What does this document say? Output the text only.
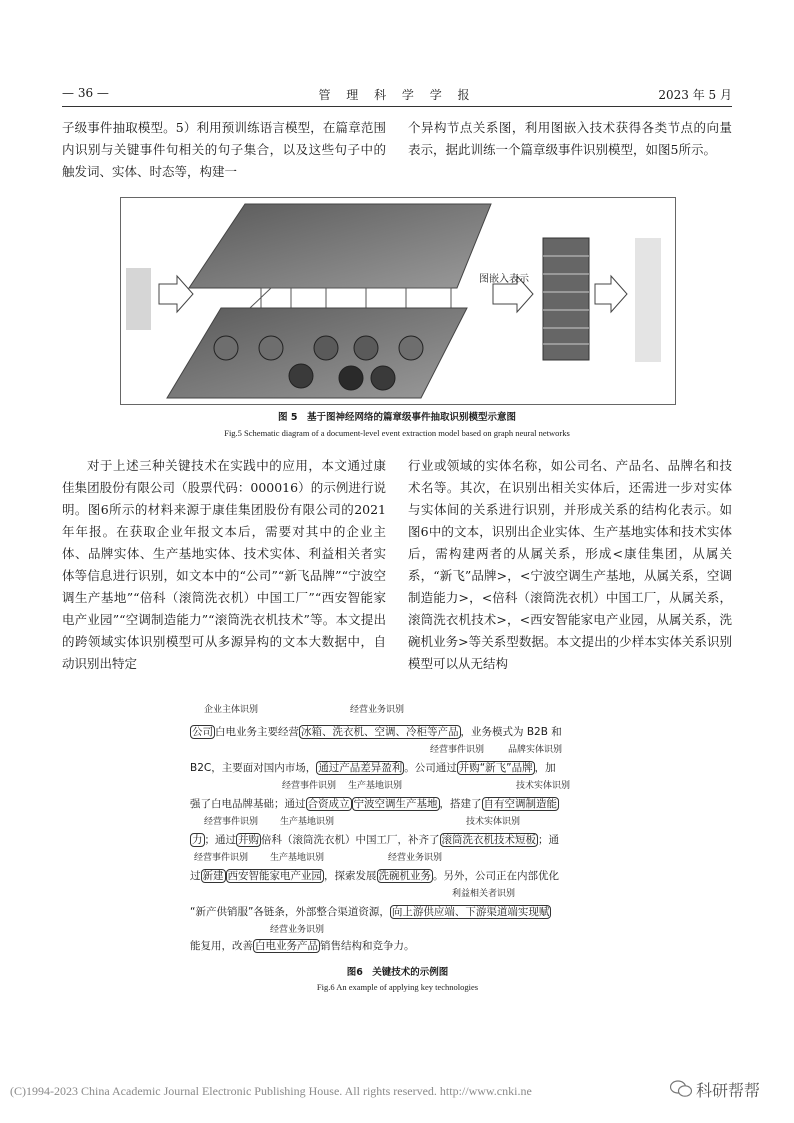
— 36 —	管 理 科 学 学 报	2023 年 5 月

子级事件抽取模型。5）利用预训练语言模型，在篇章范围内识别与关键事件句相关的句子集合，以及这些句子中的触发词、实体、时态等，构建一

个异构节点关系图，利用图嵌入技术获得各类节点的向量表示，据此训练一个篇章级事件识别模型，如图5所示。

图嵌入表示
图 5　基于图神经网络的篇章级事件抽取识别模型示意图
Fig.5 Schematic diagram of a document-level event extraction model based on graph neural networks

对于上述三种关键技术在实践中的应用，本文通过康佳集团股份有限公司（股票代码：000016）的示例进行说明。图6所示的材料来源于康佳集团股份有限公司的2021年年报。在获取企业年报文本后，需要对其中的企业主体、品牌实体、生产基地实体、技术实体、利益相关者实体等信息进行识别，如文本中的“公司”“新飞品牌”“宁波空调生产基地”“倍科（滚筒洗衣机）中国工厂”“西安智能家电产业园”“空调制造能力”“滚筒洗衣机技术”等。本文提出的跨领域实体识别模型可从多源异构的文本大数据中，自动识别出特定

行业或领域的实体名称，如公司名、产品名、品牌名和技术名等。其次，在识别出相关实体后，还需进一步对实体与实体间的关系进行识别，并形成关系的结构化表示。如图6中的文本，识别出企业实体、生产基地实体和技术实体后，需构建两者的从属关系，形成<康佳集团，从属关系，“新飞”品牌>，<宁波空调生产基地，从属关系，空调制造能力>，<倍科（滚筒洗衣机）中国工厂，从属关系，滚筒洗衣机技术>，<西安智能家电产业园，从属关系，洗碗机业务>等关系型数据。本文提出的少样本实体关系识别模型可以从无结构

企业主体识别	经营业务识别
公司 白电业务主要经营 冰箱、洗衣机、空调、冷柜等产品 ，业务模式为 B2B 和
经营事件识别	品牌实体识别
B2C，主要面对国内市场， 通过产品差异盈利 。公司通过 并购“新飞”品牌 ，加
经营事件识别 生产基地识别	技术实体识别
强了白电品牌基础；通过 合资成立 宁波空调生产基地 ，搭建了 自有空调制造能
经营事件识别 生产基地识别	技术实体识别
力 ；通过 并购 倍科（滚筒洗衣机）中国工厂，补齐了 滚筒洗衣机技术短板 ；通
经营事件识别 生产基地识别	经营业务识别
过 新建 西安智能家电产业园 ，探索发展 洗碗机业务 。另外，公司正在内部优化
利益相关者识别
“新产供销服”各链条，外部整合渠道资源， 向上游供应端、下游渠道端实现赋
经营业务识别
能复用，改善 白电业务产品 销售结构和竞争力。
图6　关键技术的示例图
Fig.6 An example of applying key technologies
(C)1994-2023 China Academic Journal Electronic Publishing House. All rights reserved. http://www.cnki.ne	科研帮帮
